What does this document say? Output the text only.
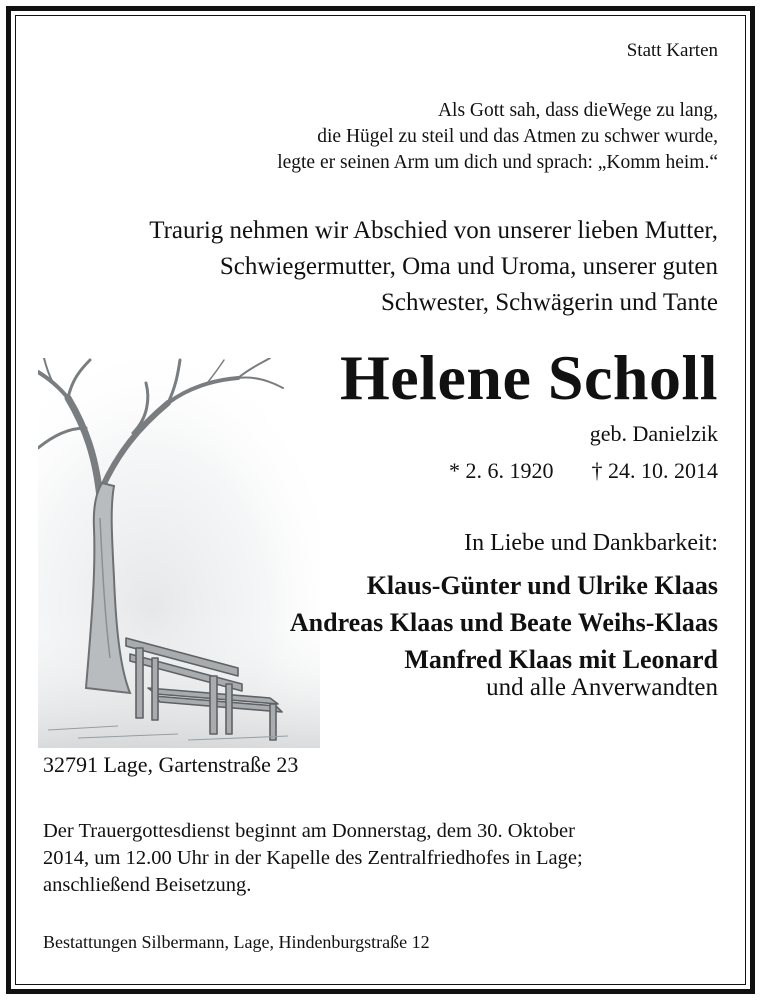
Statt Karten
Als Gott sah, dass dieWege zu lang,
die Hügel zu steil und das Atmen zu schwer wurde,
legte er seinen Arm um dich und sprach: „Komm heim.“
Traurig nehmen wir Abschied von unserer lieben Mutter,
Schwiegermutter, Oma und Uroma, unserer guten
Schwester, Schwägerin und Tante
Helene Scholl
geb. Danielzik
* 2. 6. 1920 † 24. 10. 2014
In Liebe und Dankbarkeit:
Klaus-Günter und Ulrike Klaas
Andreas Klaas und Beate Weihs-Klaas
Manfred Klaas mit Leonard
und alle Anverwandten
32791 Lage, Gartenstraße 23
Der Trauergottesdienst beginnt am Donnerstag, dem 30. Oktober
2014, um 12.00 Uhr in der Kapelle des Zentralfriedhofes in Lage;
anschließend Beisetzung.
Bestattungen Silbermann, Lage, Hindenburgstraße 12
